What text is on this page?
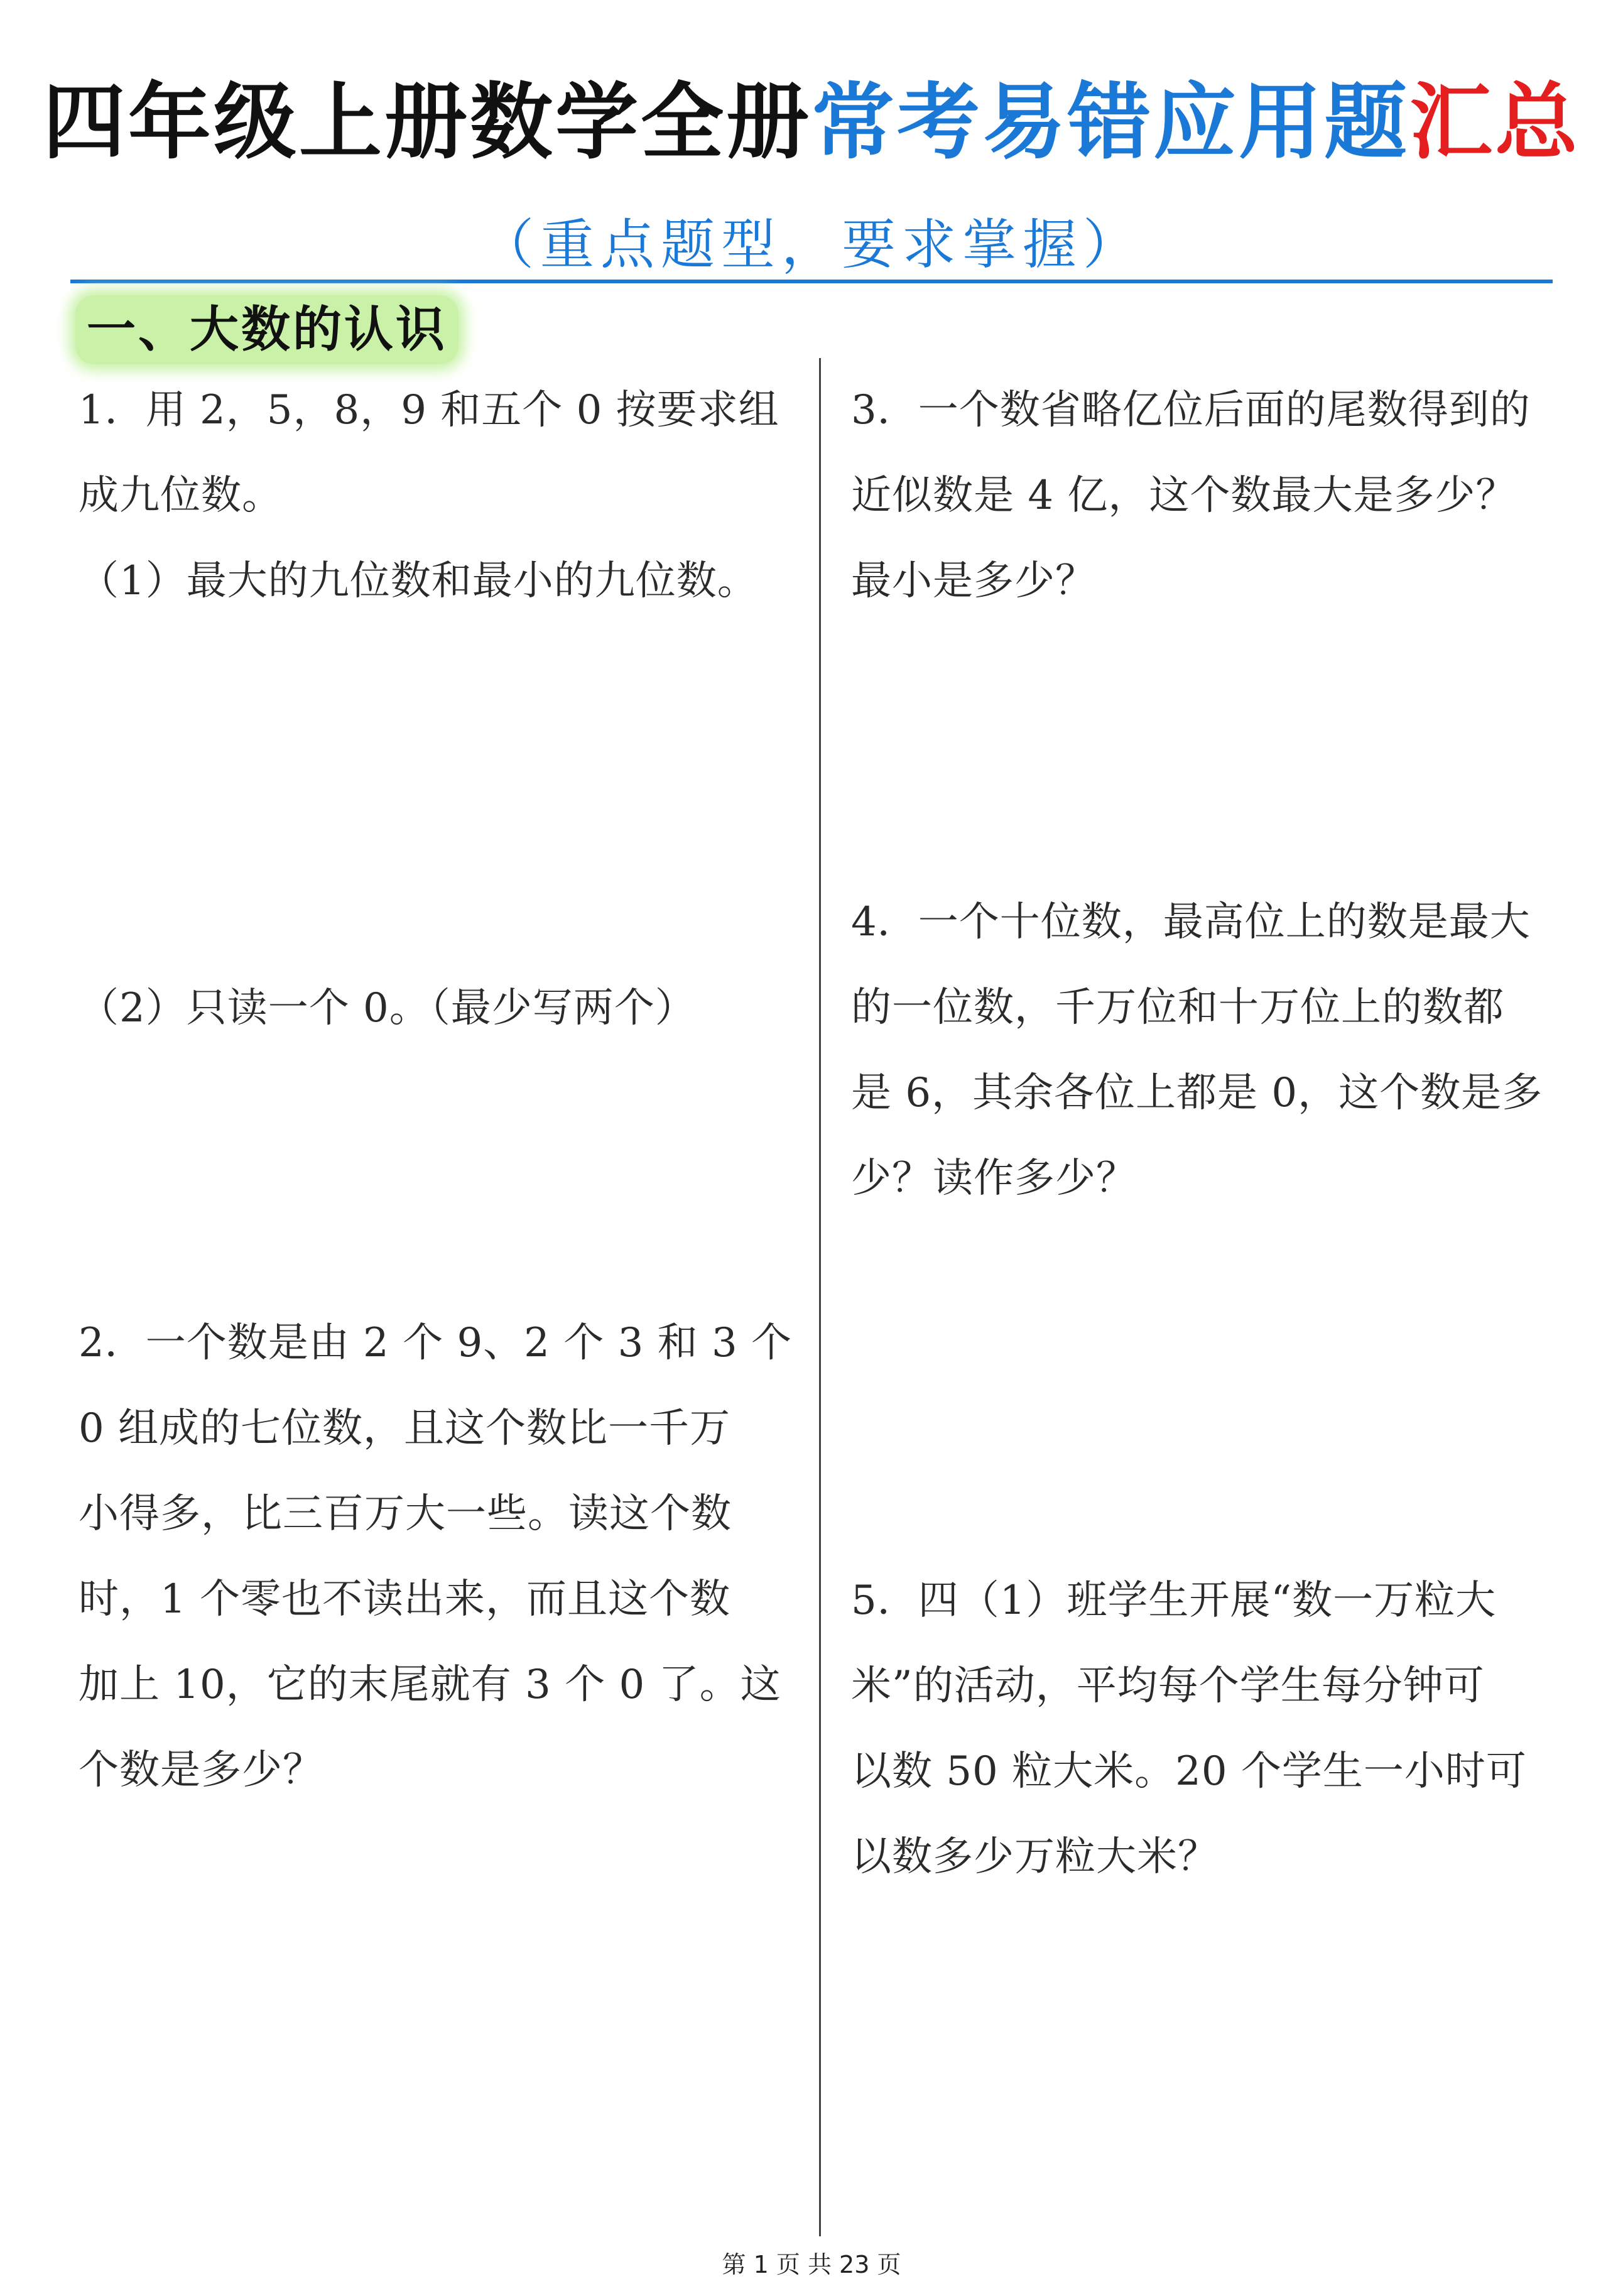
四年级上册数学全册常考易错应用题汇总
（重点题型，要求掌握）
一、大数的认识
1．用 2，5，8，9 和五个 0 按要求组
成九位数。
（1）最大的九位数和最小的九位数。
（2）只读一个 0。（最少写两个）
2．一个数是由 2 个 9、2 个 3 和 3 个
0 组成的七位数，且这个数比一千万
小得多，比三百万大一些。读这个数
时，1 个零也不读出来，而且这个数
加上 10，它的末尾就有 3 个 0 了。这
个数是多少？
3．一个数省略亿位后面的尾数得到的
近似数是 4 亿，这个数最大是多少？
最小是多少？
4．一个十位数，最高位上的数是最大
的一位数，千万位和十万位上的数都
是 6，其余各位上都是 0，这个数是多
少？读作多少？
5．四（1）班学生开展“数一万粒大
米”的活动，平均每个学生每分钟可
以数 50 粒大米。20 个学生一小时可
以数多少万粒大米？
第 1 页 共 23 页
